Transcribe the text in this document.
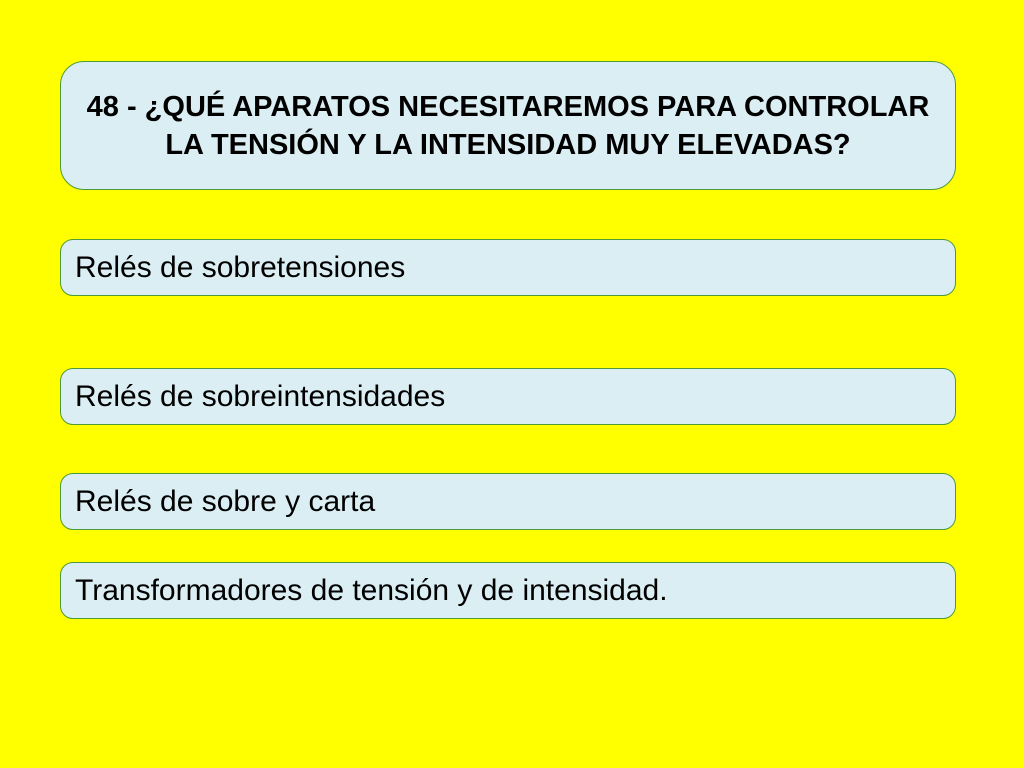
48 - ¿QUÉ APARATOS NECESITAREMOS PARA CONTROLAR LA TENSIÓN Y LA INTENSIDAD MUY ELEVADAS?

Relés de sobretensiones
Relés de sobreintensidades
Relés de sobre y carta
Transformadores de tensión y de intensidad.
